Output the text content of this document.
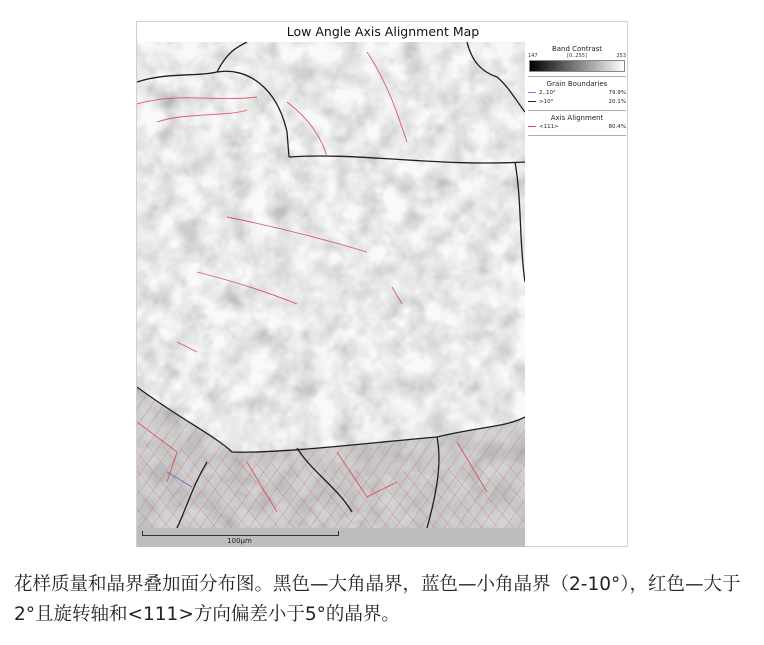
Low Angle Axis Alignment Map
Band Contrast
147	[0..255]	253
Grain Boundaries
2..10°	79.9%
>10°	20.1%
Axis Alignment
<111>	80.4%
100μm
花样质量和晶界叠加面分布图。黑色—大角晶界，蓝色—小角晶界（2-10°），红色—大于2°且旋转轴和<111>方向偏差小于5°的晶界。
